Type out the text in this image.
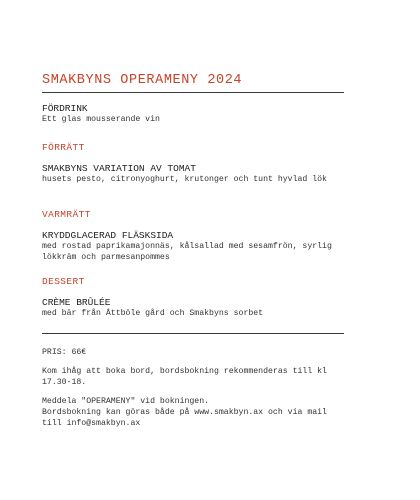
SMAKBYNS OPERAMENY 2024
FÖRDRINK
Ett glas mousserande vin
FÖRRÄTT
SMAKBYNS VARIATION AV TOMAT
husets pesto, citronyoghurt, krutonger och tunt hyvlad lök
VARMRÄTT
KRYDDGLACERAD FLÄSKSIDA
med rostad paprikamajonnäs, kålsallad med sesamfrön, syrlig lökkräm och parmesanpommes
DESSERT
CRÈME BRÛLÉE
med bär från Åttböle gård och Smakbyns sorbet

PRIS: 66€

Kom ihåg att boka bord, bordsbokning rekommenderas till kl 17.30-18.

Meddela "OPERAMENY" vid bokningen.

Bordsbokning kan göras både på www.smakbyn.ax och via mail till info@smakbyn.ax
